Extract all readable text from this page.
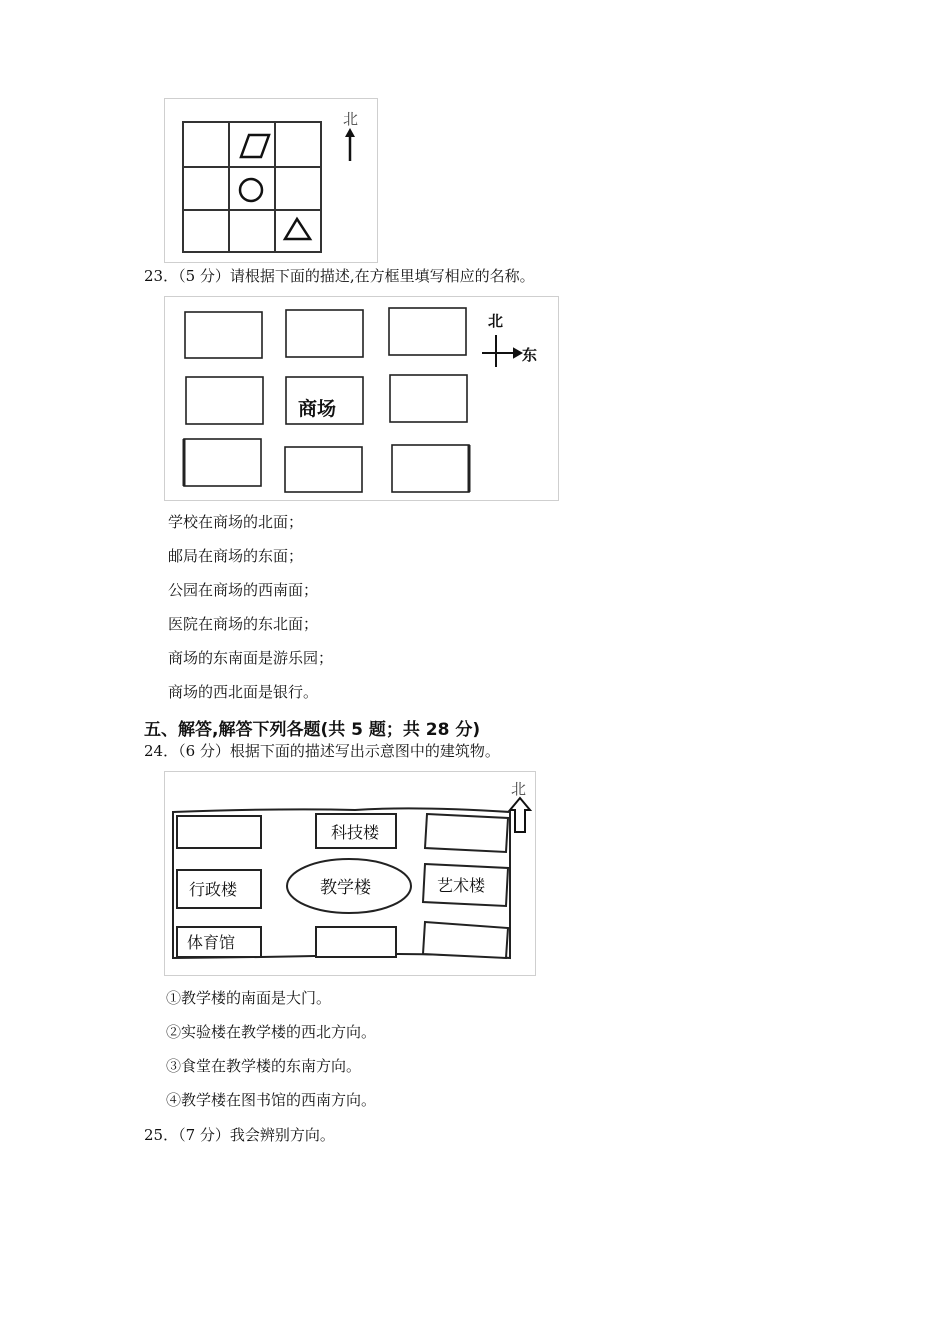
北
23．（5 分）请根据下面的描述,在方框里填写相应的名称。
商场
北
东
学校在商场的北面；
邮局在商场的东面；
公园在商场的西南面；
医院在商场的东北面；
商场的东南面是游乐园；
商场的西北面是银行。
五、解答,解答下列各题(共 5 题；共 28 分)
24．（6 分）根据下面的描述写出示意图中的建筑物。
科技楼
行政楼	教学楼	艺术楼
体育馆
北
①教学楼的南面是大门。
②实验楼在教学楼的西北方向。
③食堂在教学楼的东南方向。
④教学楼在图书馆的西南方向。
25．（7 分）我会辨别方向。
